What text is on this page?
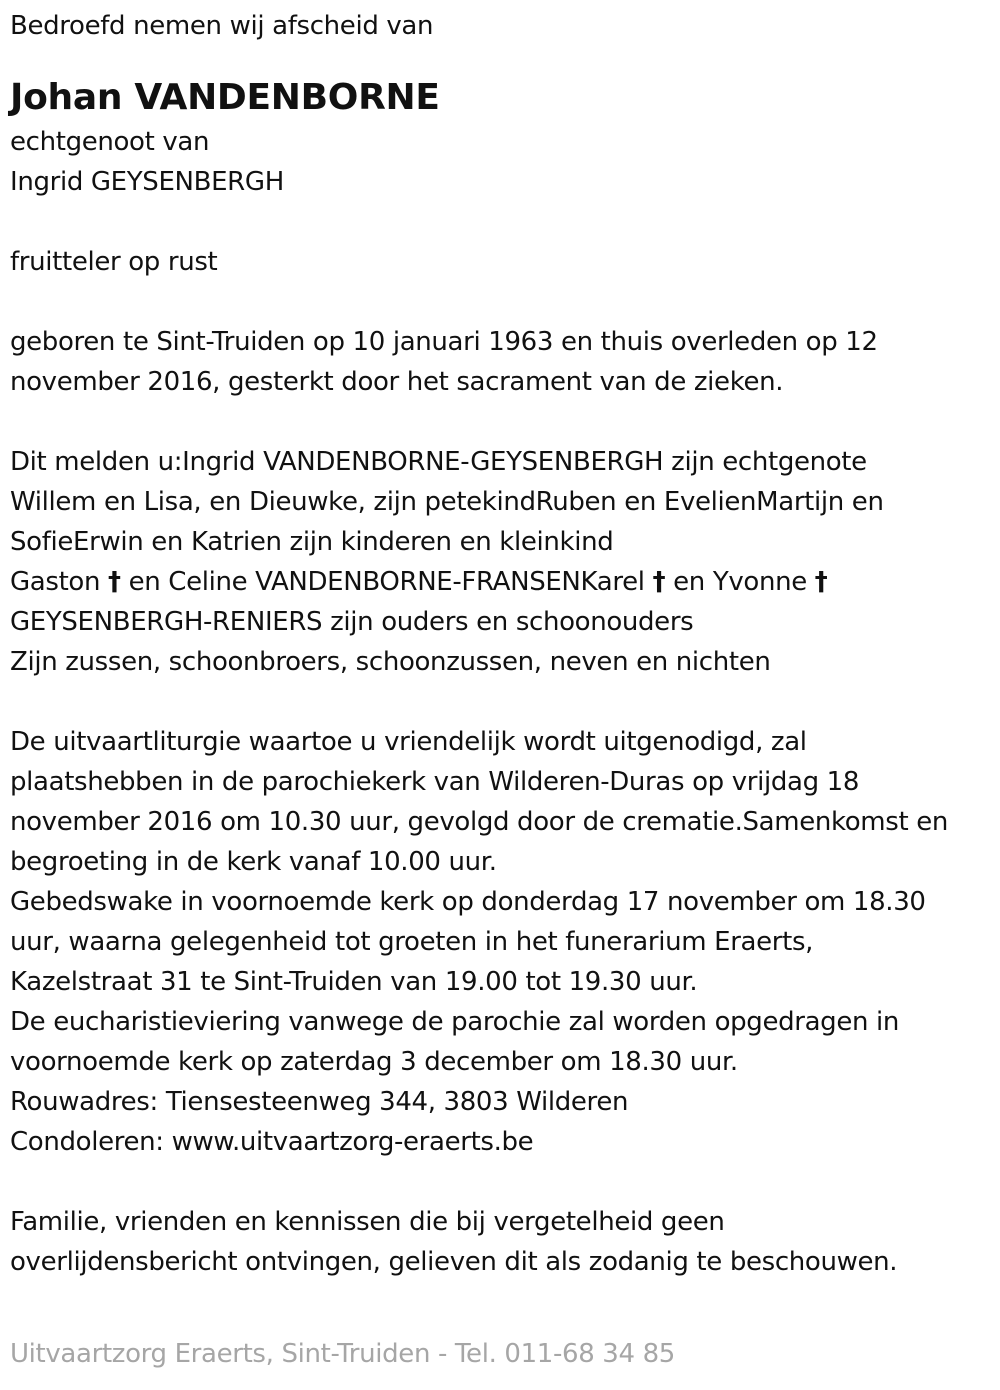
Bedroefd nemen wij afscheid van

Johan VANDENBORNE

echtgenoot van

Ingrid GEYSENBERGH

fruitteler op rust

geboren te Sint-Truiden op 10 januari 1963 en thuis overleden op 12

november 2016, gesterkt door het sacrament van de zieken.

Dit melden u:Ingrid VANDENBORNE-GEYSENBERGH zijn echtgenote

Willem en Lisa, en Dieuwke, zijn petekindRuben en EvelienMartijn en

SofieErwin en Katrien zijn kinderen en kleinkind

Gaston † en Celine VANDENBORNE-FRANSENKarel † en Yvonne †

GEYSENBERGH-RENIERS zijn ouders en schoonouders

Zijn zussen, schoonbroers, schoonzussen, neven en nichten

De uitvaartliturgie waartoe u vriendelijk wordt uitgenodigd, zal

plaatshebben in de parochiekerk van Wilderen-Duras op vrijdag 18

november 2016 om 10.30 uur, gevolgd door de crematie.Samenkomst en

begroeting in de kerk vanaf 10.00 uur.

Gebedswake in voornoemde kerk op donderdag 17 november om 18.30

uur, waarna gelegenheid tot groeten in het funerarium Eraerts,

Kazelstraat 31 te Sint-Truiden van 19.00 tot 19.30 uur.

De eucharistieviering vanwege de parochie zal worden opgedragen in

voornoemde kerk op zaterdag 3 december om 18.30 uur.

Rouwadres: Tiensesteenweg 344, 3803 Wilderen

Condoleren: www.uitvaartzorg-eraerts.be

Familie, vrienden en kennissen die bij vergetelheid geen

overlijdensbericht ontvingen, gelieven dit als zodanig te beschouwen.

Uitvaartzorg Eraerts, Sint-Truiden - Tel. 011-68 34 85
